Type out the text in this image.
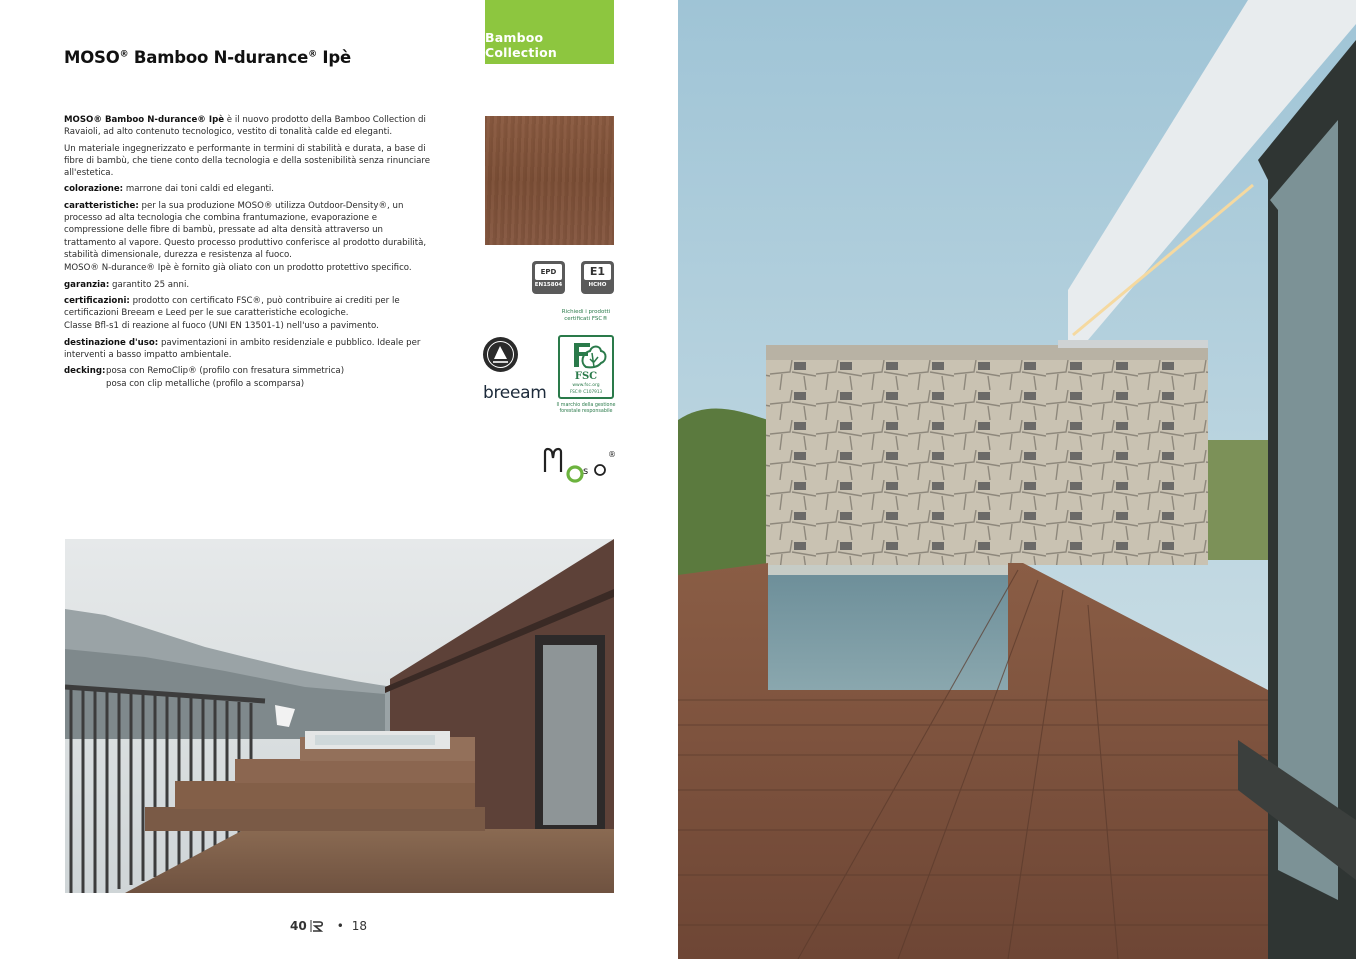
MOSO® Bamboo N-durance® Ipè
Bamboo Collection

MOSO® Bamboo N-durance® Ipè è il nuovo prodotto della Bamboo Collection di Ravaioli, ad alto contenuto tecnologico, vestito di tonalità calde ed eleganti.

Un materiale ingegnerizzato e performante in termini di stabilità e durata, a base di fibre di bambù, che tiene conto della tecnologia e della sostenibilità senza rinunciare all'estetica.

colorazione: marrone dai toni caldi ed eleganti.

caratteristiche: per la sua produzione MOSO® utilizza Outdoor-Density®, un processo ad alta tecnologia che combina frantumazione, evaporazione e compressione delle fibre di bambù, pressate ad alta densità attraverso un trattamento al vapore. Questo processo produttivo conferisce al prodotto durabilità, stabilità dimensionale, durezza e resistenza al fuoco.

MOSO® N-durance® Ipè è fornito già oliato con un prodotto protettivo specifico.

garanzia: garantito 25 anni.

certificazioni: prodotto con certificato FSC®, può contribuire ai crediti per le certificazioni Breeam e Leed per le sue caratteristiche ecologiche.

Classe Bfl-s1 di reazione al fuoco (UNI EN 13501-1) nell'uso a pavimento.

destinazione d'uso: pavimentazioni in ambito residenziale e pubblico. Ideale per interventi a basso impatto ambientale.

decking: posa con RemoClip® (profilo con fresatura simmetrica)
posa con clip metalliche (profilo a scomparsa)
EPD
EN15804
E1
HCHO
Richiedi i prodotti certificati FSC®
FSC
www.fsc.org
FSC® C107913
Il marchio della gestione forestale responsabile
breeam
s
®
40	• 18
